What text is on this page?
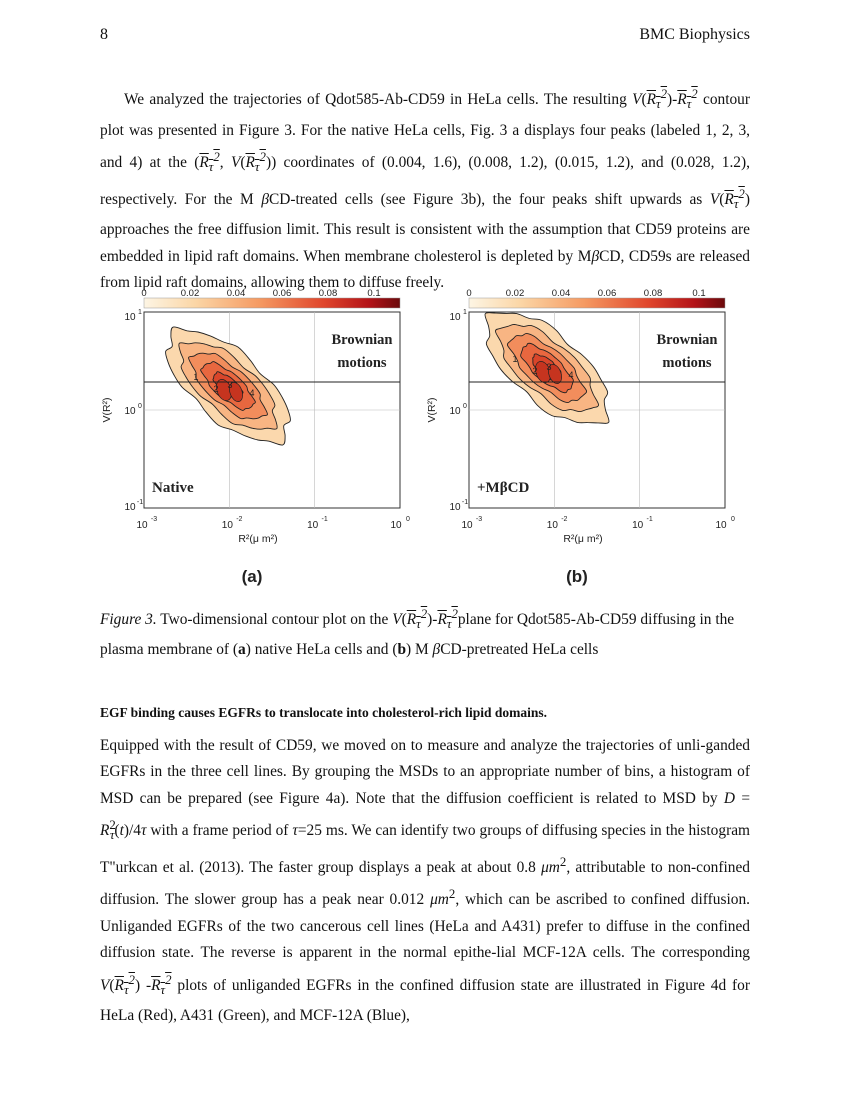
8	BMC Biophysics

We analyzed the trajectories of Qdot585-Ab-CD59 in HeLa cells. The resulting $V(R_\tau^2)-R_\tau^2$ contour plot was presented in Figure 3. For the native HeLa cells, Fig. 3 a displays four peaks (labeled 1, 2, 3, and 4) at the ($R_\tau^2$, $V(R_\tau^2)$) coordinates of (0.004, 1.6), (0.008, 1.2), (0.015, 1.2), and (0.028, 1.2), respectively. For the M βCD-treated cells (see Figure 3b), the four peaks shift upwards as $V(R_\tau^2)$ approaches the free diffusion limit. This result is consistent with the assumption that CD59 proteins are embedded in lipid raft domains. When membrane cholesterol is depleted by MβCD, CD59s are released from lipid raft domains, allowing them to diffuse freely.

0	0.02	0.04	0.06	0.08	0.1
1
2 3
4
Brownian
motions
Native
10 1
10 0
10 -1
10
-3
10
-2
10
-1
10
0
R²(μ m²)
V(R²)
(a)
0	0.02	0.04	0.06	0.08	0.1
1
2 3
4
Brownian
motions
+MβCD
10 1
10 0
10 -1
10
-3
10
-2
10
-1
10
0
R²(μ m²)
V(R²)
(b)

Figure 3. Two-dimensional contour plot on the $V(R_\tau^2)-R_\tau^2plane$ for Qdot585-Ab-CD59 diffusing in the plasma membrane of (a) native HeLa cells and (b) M βCD-pretreated HeLa cells

EGF binding causes EGFRs to translocate into cholesterol-rich lipid domains.

Equipped with the result of CD59, we moved on to measure and analyze the trajectories of unli-ganded EGFRs in the three cell lines. By grouping the MSDs to an appropriate number of bins, a histogram of MSD can be prepared (see Figure 4a). Note that the diffusion coefficient is related to MSD by $D = R^2_\tau(t)/4\tau$ with a frame period of τ=25 ms. We can identify two groups of diffusing species in the histogram T"urkcan et al. (2013). The faster group displays a peak at about 0.8 $\mu m^2$, attributable to non-confined diffusion. The slower group has a peak near 0.012 $\mu m^2$, which can be ascribed to confined diffusion. Unliganded EGFRs of the two cancerous cell lines (HeLa and A431) prefer to diffuse in the confined diffusion state. The reverse is apparent in the normal epithe-lial MCF-12A cells. The corresponding $V(R_\tau^2)$ $-R_\tau^2$ plots of unliganded EGFRs in the confined diffusion state are illustrated in Figure 4d for HeLa (Red), A431 (Green), and MCF-12A (Blue),
